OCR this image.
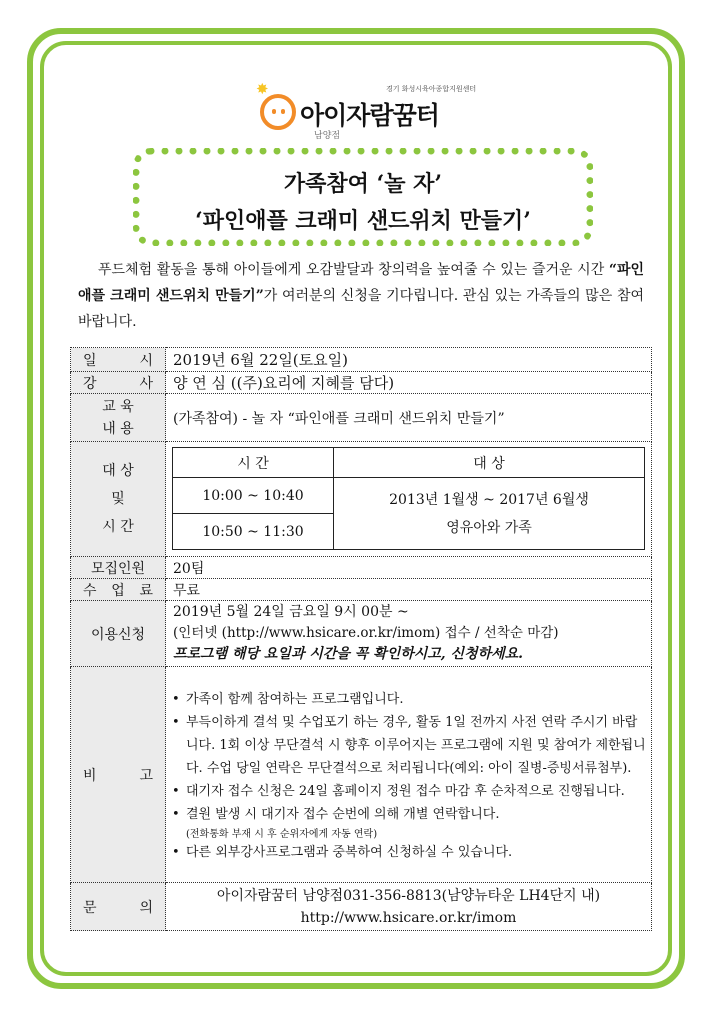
✸
아이자람꿈터
경기 화성시육아종합지원센터
남양점
가족참여 ‘놀 자’
‘파인애플 크래미 샌드위치 만들기’
푸드체험 활동을 통해 아이들에게 오감발달과 창의력을 높여줄 수 있는 즐거운 시간 “파인애플 크래미 샌드위치 만들기”가 여러분의 신청을 기다립니다. 관심 있는 가족들의 많은 참여 바랍니다.
일	시	2019년 6월 22일(토요일)

강	사	양 연 심 ((주)요리에 지혜를 담다)

교 육
내 용
	(가족참여) - 놀 자 “파인애플 크래미 샌드위치 만들기”

대 상
및
시 간

시 간	대 상
10:00 ~ 10:40	2013년 1월생 ~ 2017년 6월생
영유아와 가족

10:50 ~ 11:30

모집인원	20팀

수 업 료	무료
이용신청	
2019년 5월 24일 금요일 9시 00분 ~
(인터넷 (http://www.hsicare.or.kr/imom) 접수 / 선착순 마감)
프로그램 해당 요일과 시간을 꼭 확인하시고, 신청하세요.

비	고

• 가족이 함께 참여하는 프로그램입니다.
• 부득이하게 결석 및 수업포기 하는 경우, 활동 1일 전까지 사전 연락 주시기 바랍니다. 1회 이상 무단결석 시 향후 이루어지는 프로그램에 지원 및 참여가 제한됩니다. 수업 당일 연락은 무단결석으로 처리됩니다(예외: 아이 질병-증빙서류첨부).
• 대기자 접수 신청은 24일 홈페이지 정원 접수 마감 후 순차적으로 진행됩니다.
• 결원 발생 시 대기자 접수 순번에 의해 개별 연락합니다.
(전화통화 부재 시 후 순위자에게 자동 연락)
• 다른 외부강사프로그램과 중복하여 신청하실 수 있습니다.

문	의

아이자람꿈터 남양점031-356-8813(남양뉴타운 LH4단지 내)
http://www.hsicare.or.kr/imom
